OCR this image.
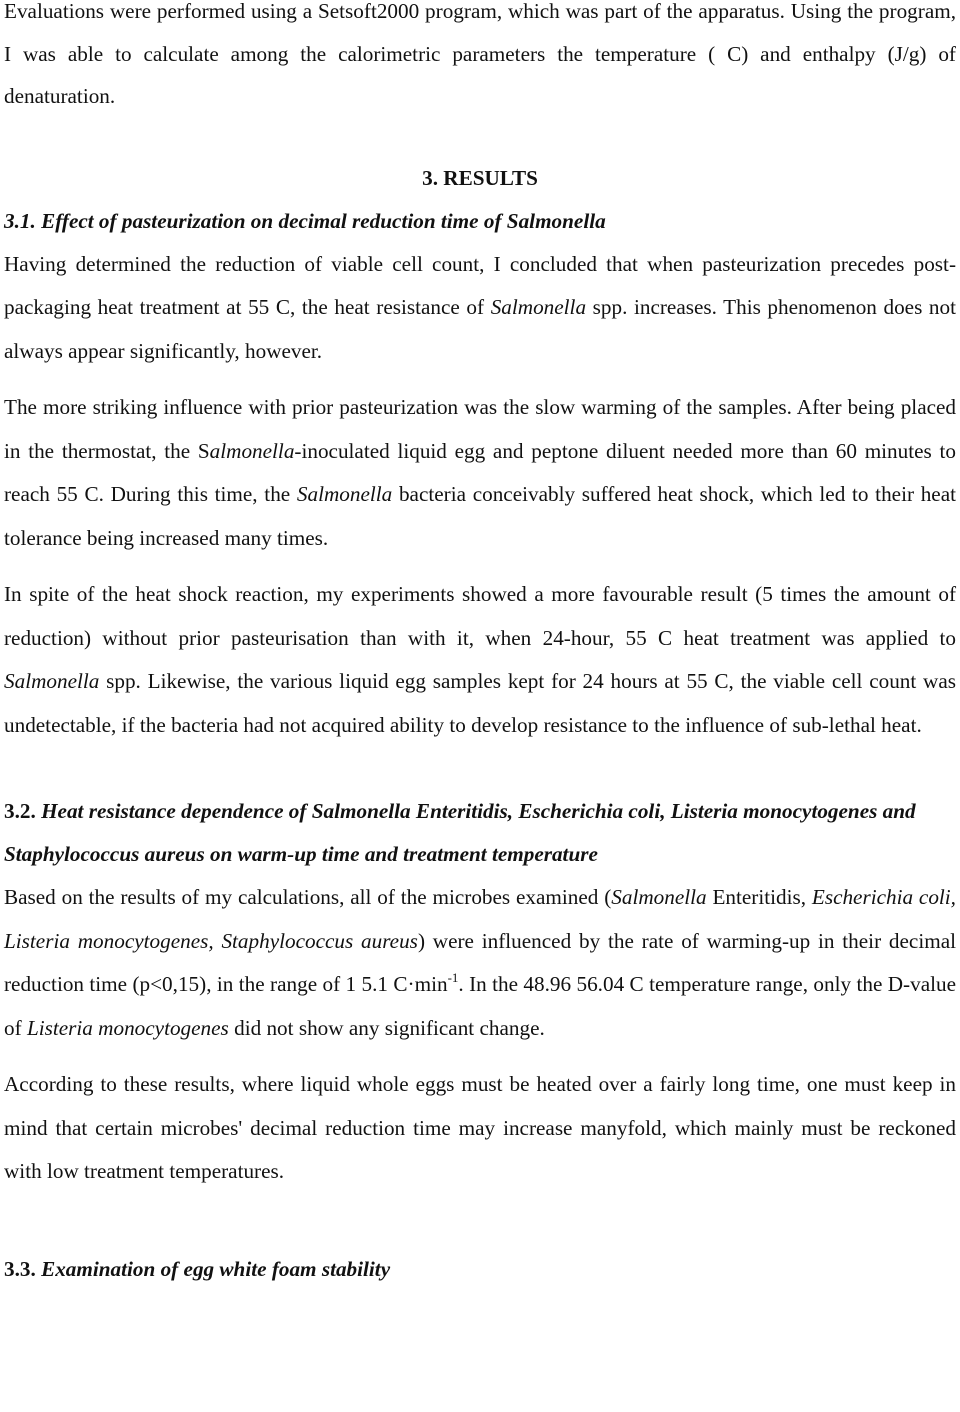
Evaluations were performed using a Setsoft2000 program, which was part of the apparatus. Using the program, I was able to calculate among the calorimetric parameters the temperature ( C) and enthalpy (J/g) of denaturation.

3. RESULTS
3.1. Effect of pasteurization on decimal reduction time of Salmonella

Having determined the reduction of viable cell count, I concluded that when pasteurization precedes post-packaging heat treatment at 55 C, the heat resistance of Salmonella spp. increases. This phenomenon does not always appear significantly, however.

The more striking influence with prior pasteurization was the slow warming of the samples. After being placed in the thermostat, the Salmonella-inoculated liquid egg and peptone diluent needed more than 60 minutes to reach 55 C. During this time, the Salmonella bacteria conceivably suffered heat shock, which led to their heat tolerance being increased many times.

In spite of the heat shock reaction, my experiments showed a more favourable result (5 times the amount of reduction) without prior pasteurisation than with it, when 24-hour, 55 C heat treatment was applied to Salmonella spp. Likewise, the various liquid egg samples kept for 24 hours at 55 C, the viable cell count was undetectable, if the bacteria had not acquired ability to develop resistance to the influence of sub-lethal heat.

3.2. Heat resistance dependence of Salmonella Enteritidis, Escherichia coli, Listeria monocytogenes and Staphylococcus aureus on warm-up time and treatment temperature

Based on the results of my calculations, all of the microbes examined (Salmonella Enteritidis, Escherichia coli, Listeria monocytogenes, Staphylococcus aureus) were influenced by the rate of warming-up in their decimal reduction time (p<0,15), in the range of 1 5.1 $C\cdot\min^{-1}$. In the 48.96 56.04 C temperature range, only the D-value of Listeria monocytogenes did not show any significant change.

According to these results, where liquid whole eggs must be heated over a fairly long time, one must keep in mind that certain microbes' decimal reduction time may increase manyfold, which mainly must be reckoned with low treatment temperatures.

3.3. Examination of egg white foam stability
